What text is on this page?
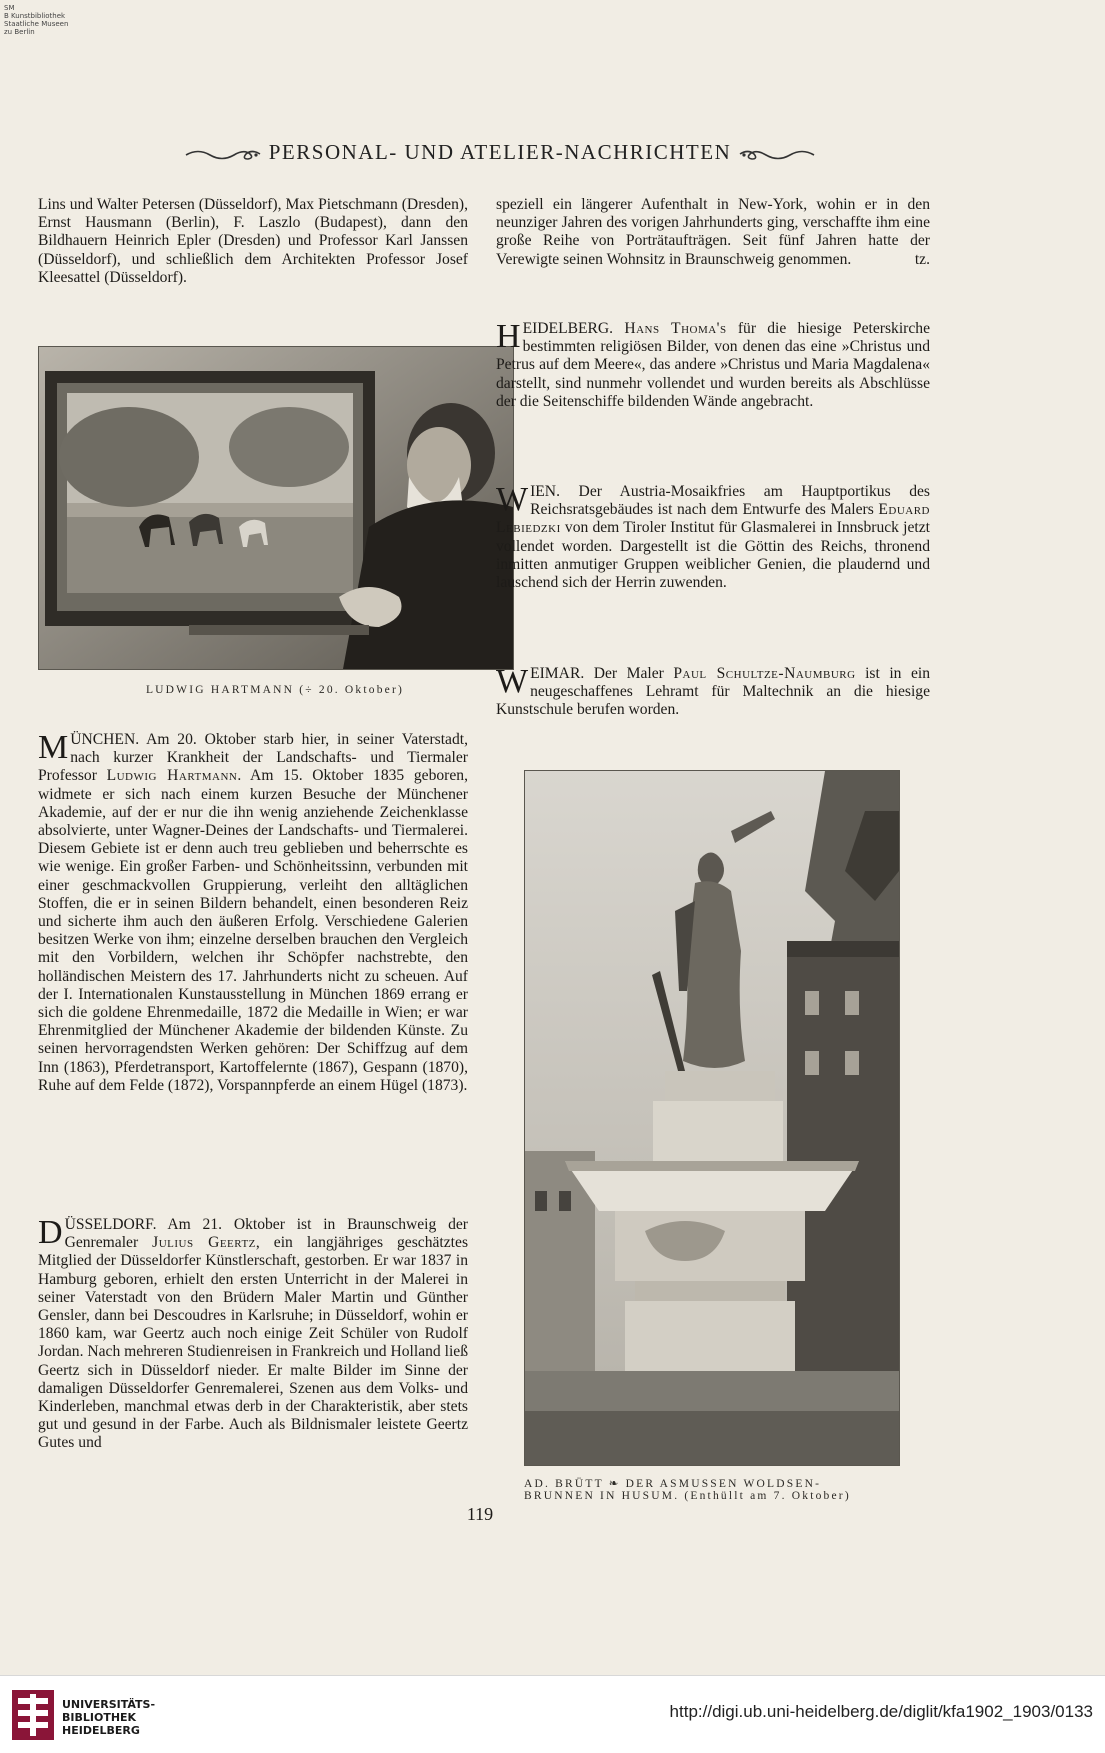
SM
B Kunstbibliothek
Staatliche Museen
zu Berlin
PERSONAL- UND ATELIER-NACHRICHTEN

Lins und Walter Petersen (Düsseldorf), Max Pietschmann (Dresden), Ernst Hausmann (Berlin), F. Laszlo (Budapest), dann den Bildhauern Heinrich Epler (Dresden) und Professor Karl Janssen (Düsseldorf), und schließlich dem Architekten Professor Josef Kleesattel (Düsseldorf).

LUDWIG HARTMANN (÷ 20. Oktober)

MÜNCHEN. Am 20. Oktober starb hier, in seiner Vaterstadt, nach kurzer Krankheit der Landschafts- und Tiermaler Professor Ludwig Hartmann. Am 15. Oktober 1835 geboren, widmete er sich nach einem kurzen Besuche der Münchener Akademie, auf der er nur die ihn wenig anziehende Zeichenklasse absolvierte, unter Wagner-Deines der Landschafts- und Tiermalerei. Diesem Gebiete ist er denn auch treu geblieben und beherrschte es wie wenige. Ein großer Farben- und Schönheitssinn, verbunden mit einer geschmackvollen Gruppierung, verleiht den alltäglichen Stoffen, die er in seinen Bildern behandelt, einen besonderen Reiz und sicherte ihm auch den äußeren Erfolg. Verschiedene Galerien besitzen Werke von ihm; einzelne derselben brauchen den Vergleich mit den Vorbildern, welchen ihr Schöpfer nachstrebte, den holländischen Meistern des 17. Jahrhunderts nicht zu scheuen. Auf der I. Internationalen Kunstausstellung in München 1869 errang er sich die goldene Ehrenmedaille, 1872 die Medaille in Wien; er war Ehrenmitglied der Münchener Akademie der bildenden Künste. Zu seinen hervorragendsten Werken gehören: Der Schiffzug auf dem Inn (1863), Pferdetransport, Kartoffelernte (1867), Gespann (1870), Ruhe auf dem Felde (1872), Vorspannpferde an einem Hügel (1873).

DÜSSELDORF. Am 21. Oktober ist in Braunschweig der Genremaler Julius Geertz, ein langjähriges geschätztes Mitglied der Düsseldorfer Künstlerschaft, gestorben. Er war 1837 in Hamburg geboren, erhielt den ersten Unterricht in der Malerei in seiner Vaterstadt von den Brüdern Maler Martin und Günther Gensler, dann bei Descoudres in Karlsruhe; in Düsseldorf, wohin er 1860 kam, war Geertz auch noch einige Zeit Schüler von Rudolf Jordan. Nach mehreren Studienreisen in Frankreich und Holland ließ Geertz sich in Düsseldorf nieder. Er malte Bilder im Sinne der damaligen Düsseldorfer Genremalerei, Szenen aus dem Volks- und Kinderleben, manchmal etwas derb in der Charakteristik, aber stets gut und gesund in der Farbe. Auch als Bildnismaler leistete Geertz Gutes und

speziell ein längerer Aufenthalt in New-York, wohin er in den neunziger Jahren des vorigen Jahrhunderts ging, verschaffte ihm eine große Reihe von Porträtaufträgen. Seit fünf Jahren hatte der Verewigte seinen Wohnsitz in Braunschweig genommen.	tz.

HEIDELBERG. Hans Thoma's für die hiesige Peterskirche bestimmten religiösen Bilder, von denen das eine »Christus und Petrus auf dem Meere«, das andere »Christus und Maria Magdalena« darstellt, sind nunmehr vollendet und wurden bereits als Abschlüsse der die Seitenschiffe bildenden Wände angebracht.

WIEN. Der Austria-Mosaikfries am Hauptportikus des Reichsratsgebäudes ist nach dem Entwurfe des Malers Eduard Lebiedzki von dem Tiroler Institut für Glasmalerei in Innsbruck jetzt vollendet worden. Dargestellt ist die Göttin des Reichs, thronend inmitten anmutiger Gruppen weiblicher Genien, die plaudernd und lauschend sich der Herrin zuwenden.

WEIMAR. Der Maler Paul Schultze-Naumburg ist in ein neugeschaffenes Lehramt für Maltechnik an die hiesige Kunstschule berufen worden.

AD. BRÜTT ❧ DER ASMUSSEN WOLDSEN-
BRUNNEN IN HUSUM. (Enthüllt am 7. Oktober)
119
UNIVERSITÄTS-
BIBLIOTHEK
HEIDELBERG
http://digi.ub.uni-heidelberg.de/diglit/kfa1902_1903/0133
